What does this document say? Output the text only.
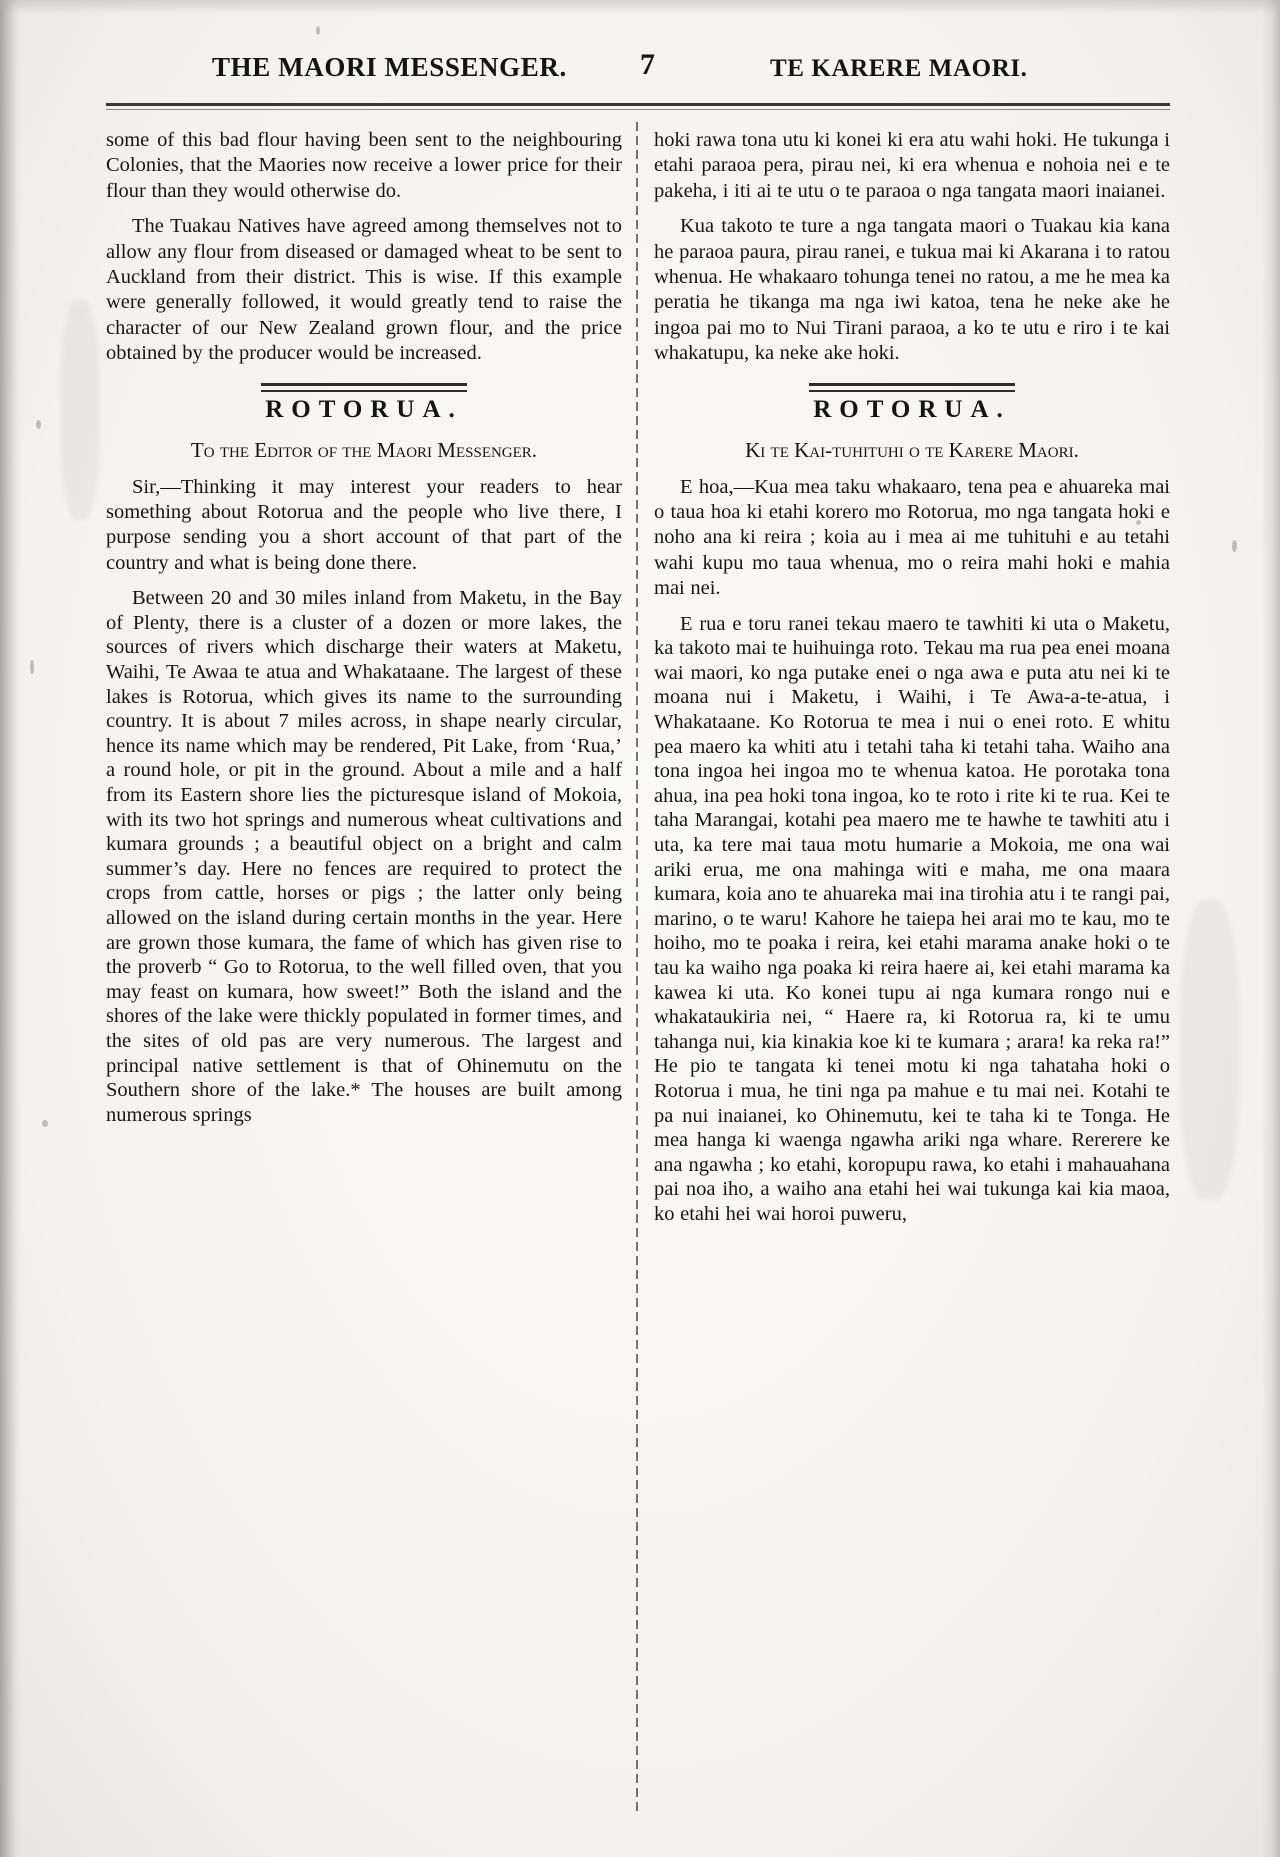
THE MAORI MESSENGER. 7	TE KARERE MAORI.

some of this bad flour having been sent to the neighbouring Colonies, that the Maories now receive a lower price for their flour than they would otherwise do.

The Tuakau Natives have agreed among themselves not to allow any flour from diseased or damaged wheat to be sent to Auckland from their district. This is wise. If this example were generally followed, it would greatly tend to raise the character of our New Zealand grown flour, and the price obtained by the producer would be increased.

ROTORUA.
To the Editor of the Maori Messenger.

Sir,—Thinking it may interest your readers to hear something about Rotorua and the people who live there, I purpose sending you a short account of that part of the country and what is being done there.

Between 20 and 30 miles inland from Maketu, in the Bay of Plenty, there is a cluster of a dozen or more lakes, the sources of rivers which discharge their waters at Maketu, Waihi, Te Awaa te atua and Whakataane. The largest of these lakes is Rotorua, which gives its name to the surrounding country. It is about 7 miles across, in shape nearly circular, hence its name which may be rendered, Pit Lake, from ‘Rua,’ a round hole, or pit in the ground. About a mile and a half from its Eastern shore lies the picturesque island of Mokoia, with its two hot springs and numerous wheat cultivations and kumara grounds ; a beautiful object on a bright and calm summer’s day. Here no fences are required to protect the crops from cattle, horses or pigs ; the latter only being allowed on the island during certain months in the year. Here are grown those kumara, the fame of which has given rise to the proverb “ Go to Rotorua, to the well filled oven, that you may feast on kumara, how sweet!” Both the island and the shores of the lake were thickly populated in former times, and the sites of old pas are very numerous. The largest and principal native settlement is that of Ohinemutu on the Southern shore of the lake.* The houses are built among numerous springs

hoki rawa tona utu ki konei ki era atu wahi hoki. He tukunga i etahi paraoa pera, pirau nei, ki era whenua e nohoia nei e te pakeha, i iti ai te utu o te paraoa o nga tangata maori inaianei.

Kua takoto te ture a nga tangata maori o Tuakau kia kana he paraoa paura, pirau ranei, e tukua mai ki Akarana i to ratou whenua. He whakaaro tohunga tenei no ratou, a me he mea ka peratia he tikanga ma nga iwi katoa, tena he neke ake he ingoa pai mo to Nui Tirani paraoa, a ko te utu e riro i te kai whakatupu, ka neke ake hoki.

ROTORUA.
Ki te Kai-tuhituhi o te Karere Maori.

E hoa,—Kua mea taku whakaaro, tena pea e ahuareka mai o taua hoa ki etahi korero mo Rotorua, mo nga tangata hoki e noho ana ki reira ; koia au i mea ai me tuhituhi e au tetahi wahi kupu mo taua whenua, mo o reira mahi hoki e mahia mai nei.

E rua e toru ranei tekau maero te tawhiti ki uta o Maketu, ka takoto mai te huihuinga roto. Tekau ma rua pea enei moana wai maori, ko nga putake enei o nga awa e puta atu nei ki te moana nui i Maketu, i Waihi, i Te Awa-a-te-atua, i Whakataane. Ko Rotorua te mea i nui o enei roto. E whitu pea maero ka whiti atu i tetahi taha ki tetahi taha. Waiho ana tona ingoa hei ingoa mo te whenua katoa. He porotaka tona ahua, ina pea hoki tona ingoa, ko te roto i rite ki te rua. Kei te taha Marangai, kotahi pea maero me te hawhe te tawhiti atu i uta, ka tere mai taua motu humarie a Mokoia, me ona wai ariki erua, me ona mahinga witi e maha, me ona maara kumara, koia ano te ahuareka mai ina tirohia atu i te rangi pai, marino, o te waru! Kahore he taiepa hei arai mo te kau, mo te hoiho, mo te poaka i reira, kei etahi marama anake hoki o te tau ka waiho nga poaka ki reira haere ai, kei etahi marama ka kawea ki uta. Ko konei tupu ai nga kumara rongo nui e whakataukiria nei, “ Haere ra, ki Rotorua ra, ki te umu tahanga nui, kia kinakia koe ki te kumara ; arara! ka reka ra!” He pio te tangata ki tenei motu ki nga tahataha hoki o Rotorua i mua, he tini nga pa mahue e tu mai nei. Kotahi te pa nui inaianei, ko Ohinemutu, kei te taha ki te Tonga. He mea hanga ki waenga ngawha ariki nga whare. Rererere ke ana ngawha ; ko etahi, koropupu rawa, ko etahi i mahauahana pai noa iho, a waiho ana etahi hei wai tukunga kai kia maoa, ko etahi hei wai horoi puweru,
